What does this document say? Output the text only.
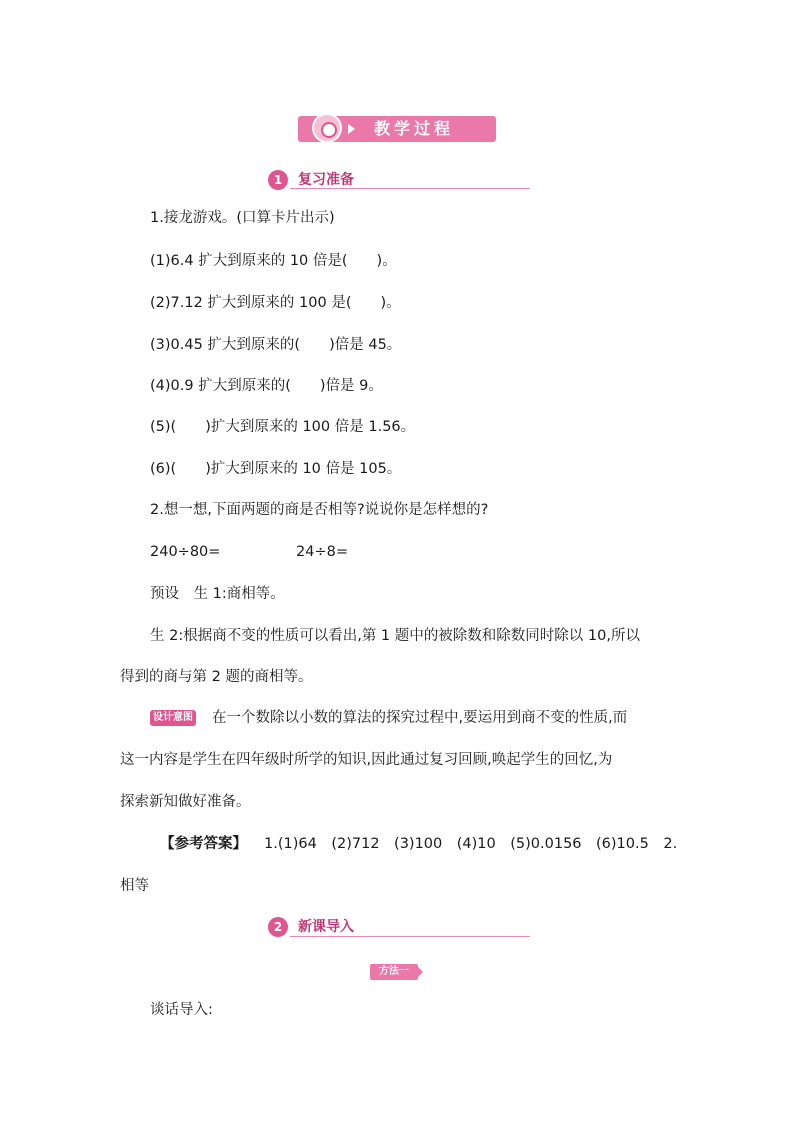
教学过程
1	复习准备
1.接龙游戏。(口算卡片出示)
(1)6.4 扩大到原来的 10 倍是(　　)。
(2)7.12 扩大到原来的 100 是(　　)。
(3)0.45 扩大到原来的(　　)倍是 45。
(4)0.9 扩大到原来的(　　)倍是 9。
(5)(　　)扩大到原来的 100 倍是 1.56。
(6)(　　)扩大到原来的 10 倍是 105。
2.想一想,下面两题的商是否相等?说说你是怎样想的?
240÷80=	24÷8=
预设　生 1:商相等。
生 2:根据商不变的性质可以看出,第 1 题中的被除数和除数同时除以 10,所以
得到的商与第 2 题的商相等。
设计意图 在一个数除以小数的算法的探究过程中,要运用到商不变的性质,而
这一内容是学生在四年级时所学的知识,因此通过复习回顾,唤起学生的回忆,为
探索新知做好准备。
【参考答案】 1.(1)64　(2)712　(3)100　(4)10　(5)0.0156　(6)10.5　2.
相等
2	新课导入
方法一
谈话导入:
